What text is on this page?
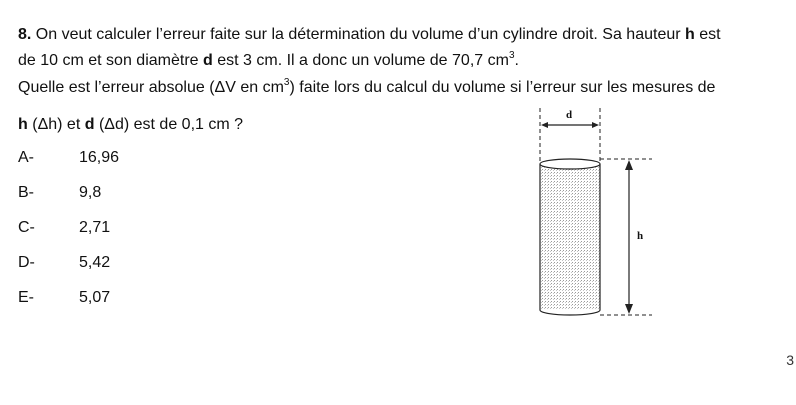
8. On veut calculer l’erreur faite sur la détermination du volume d’un cylindre droit. Sa hauteur h est
de 10 cm et son diamètre d est 3 cm. Il a donc un volume de 70,7 $cm^3$.
Quelle est l’erreur absolue (ΔV en $cm^3$) faite lors du calcul du volume si l’erreur sur les mesures de
h (Δh) et d (Δd) est de 0,1 cm ?
A-	16,96
B-	9,8
C-	2,71
D-	5,42
E-	5,07
d
h
3
